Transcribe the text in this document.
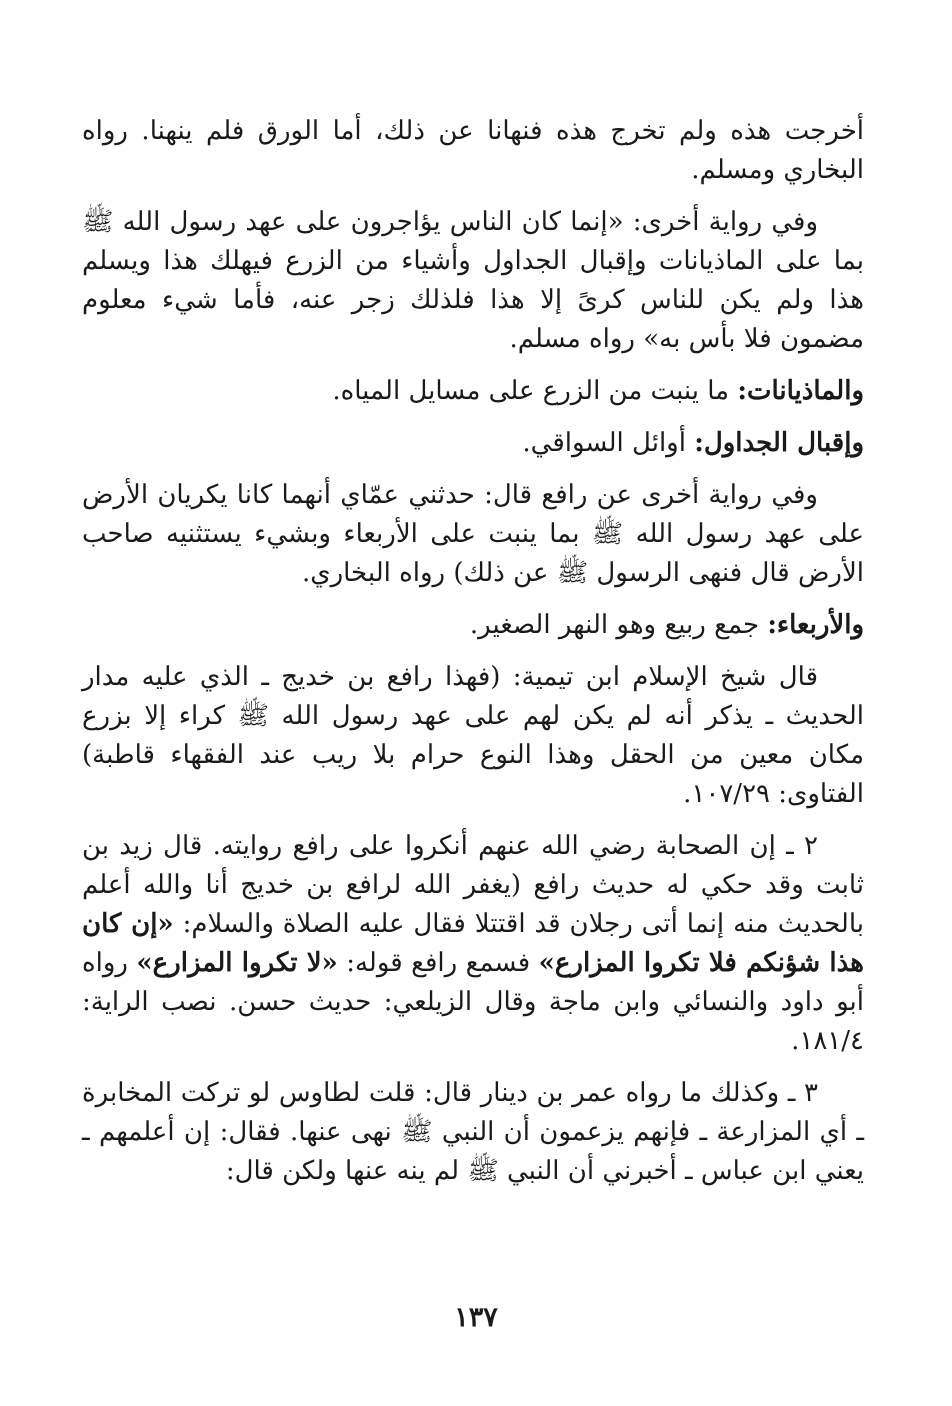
أخرجت هذه ولم تخرج هذه فنهانا عن ذلك، أما الورق فلم ينهنا. رواه البخاري ومسلم.

وفي رواية أخرى: «إنما كان الناس يؤاجرون على عهد رسول الله ﷺ بما على الماذيانات وإقبال الجداول وأشياء من الزرع فيهلك هذا ويسلم هذا ولم يكن للناس كرىً إلا هذا فلذلك زجر عنه، فأما شيء معلوم مضمون فلا بأس به» رواه مسلم.

والماذيانات: ما ينبت من الزرع على مسايل المياه.

وإقبال الجداول: أوائل السواقي.

وفي رواية أخرى عن رافع قال: حدثني عمّاي أنهما كانا يكريان الأرض على عهد رسول الله ﷺ بما ينبت على الأربعاء وبشيء يستثنيه صاحب الأرض قال فنهى الرسول ﷺ عن ذلك) رواه البخاري.

والأربعاء: جمع ربيع وهو النهر الصغير.

قال شيخ الإسلام ابن تيمية: (فهذا رافع بن خديج ـ الذي عليه مدار الحديث ـ يذكر أنه لم يكن لهم على عهد رسول الله ﷺ كراء إلا بزرع مكان معين من الحقل وهذا النوع حرام بلا ريب عند الفقهاء قاطبة) الفتاوى: ٢٩/‏١٠٧.

٢ ـ إن الصحابة رضي الله عنهم أنكروا على رافع روايته. قال زيد بن ثابت وقد حكي له حديث رافع (يغفر الله لرافع بن خديج أنا والله أعلم بالحديث منه إنما أتى رجلان قد اقتتلا فقال عليه الصلاة والسلام: «إن كان هذا شؤنكم فلا تكروا المزارع» فسمع رافع قوله: «لا تكروا المزارع» رواه أبو داود والنسائي وابن ماجة وقال الزيلعي: حديث حسن. نصب الراية: ٤/‏١٨١.

٣ ـ وكذلك ما رواه عمر بن دينار قال: قلت لطاوس لو تركت المخابرة ـ أي المزارعة ـ فإنهم يزعمون أن النبي ﷺ نهى عنها. فقال: إن أعلمهم ـ يعني ابن عباس ـ أخبرني أن النبي ﷺ لم ينه عنها ولكن قال:

١٣٧
